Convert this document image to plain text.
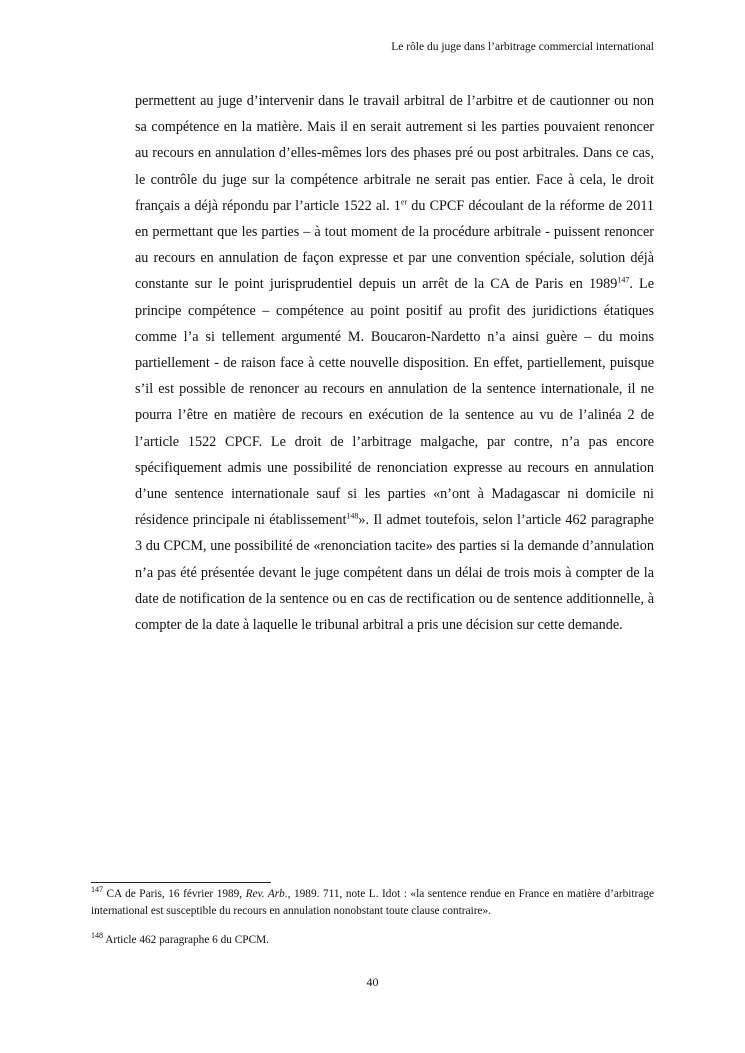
Le rôle du juge dans l’arbitrage commercial international

permettent au juge d’intervenir dans le travail arbitral de l’arbitre et de cautionner ou non sa compétence en la matière. Mais il en serait autrement si les parties pouvaient renoncer au recours en annulation d’elles-mêmes lors des phases pré ou post arbitrales. Dans ce cas, le contrôle du juge sur la compétence arbitrale ne serait pas entier. Face à cela, le droit français a déjà répondu par l’article 1522 al. 1er du CPCF découlant de la réforme de 2011 en permettant que les parties – à tout moment de la procédure arbitrale - puissent renoncer au recours en annulation de façon expresse et par une convention spéciale, solution déjà constante sur le point jurisprudentiel depuis un arrêt de la CA de Paris en 1989$^{147}$. Le principe compétence – compétence au point positif au profit des juridictions étatiques comme l’a si tellement argumenté M. Boucaron-Nardetto n’a ainsi guère – du moins partiellement - de raison face à cette nouvelle disposition. En effet, partiellement, puisque s’il est possible de renoncer au recours en annulation de la sentence internationale, il ne pourra l’être en matière de recours en exécution de la sentence au vu de l’alinéa 2 de l’article 1522 CPCF. Le droit de l’arbitrage malgache, par contre, n’a pas encore spécifiquement admis une possibilité de renonciation expresse au recours en annulation d’une sentence internationale sauf si les parties «n’ont à Madagascar ni domicile ni résidence principale ni établissement$^{148}$». Il admet toutefois, selon l’article 462 paragraphe 3 du CPCM, une possibilité de «renonciation tacite» des parties si la demande d’annulation n’a pas été présentée devant le juge compétent dans un délai de trois mois à compter de la date de notification de la sentence ou en cas de rectification ou de sentence additionnelle, à compter de la date à laquelle le tribunal arbitral a pris une décision sur cette demande.

$^{147}$ CA de Paris, 16 février 1989, Rev. Arb., 1989. 711, note L. Idot : «la sentence rendue en France en matière d’arbitrage international est susceptible du recours en annulation nonobstant toute clause contraire».

$^{148}$ Article 462 paragraphe 6 du CPCM.

40
